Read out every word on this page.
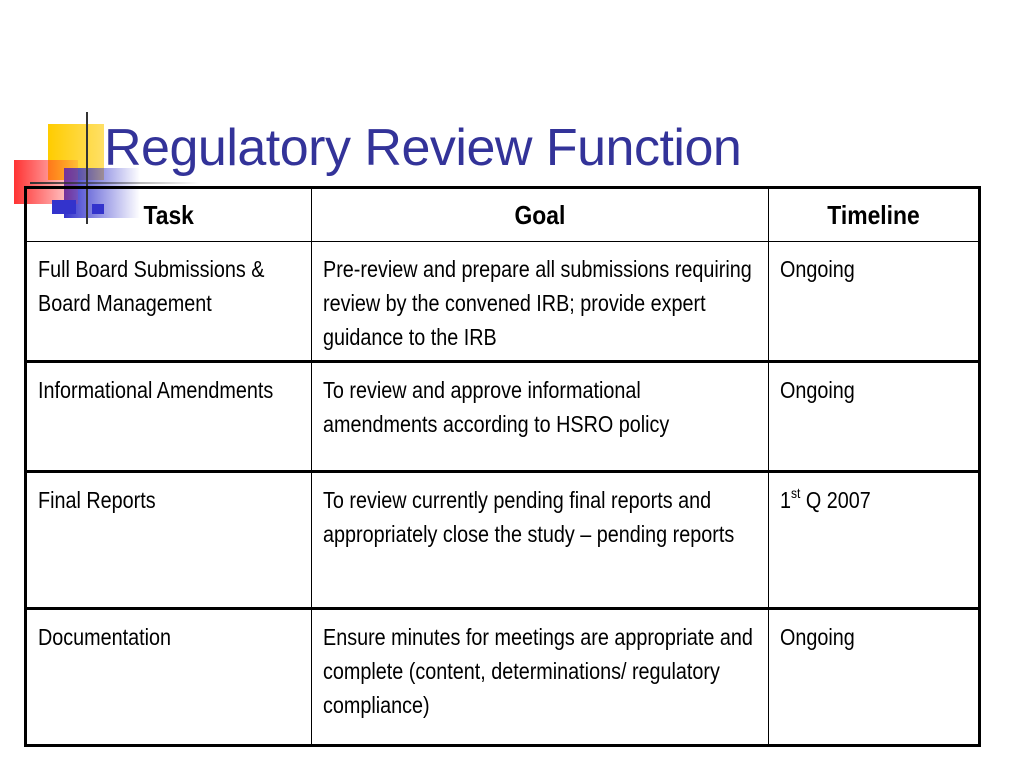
Regulatory Review Function
Task	Goal	Timeline

Full Board Submissions & Board Management	Pre-review and prepare all submissions requiring review by the convened IRB; provide expert guidance to the IRB	Ongoing

Informational Amendments	To review and approve informational amendments according to HSRO policy	Ongoing

Final Reports	To review currently pending final reports and appropriately close the study – pending reports	1st Q 2007

Documentation	Ensure minutes for meetings are appropriate and complete (content, determinations/ regulatory compliance)	Ongoing
